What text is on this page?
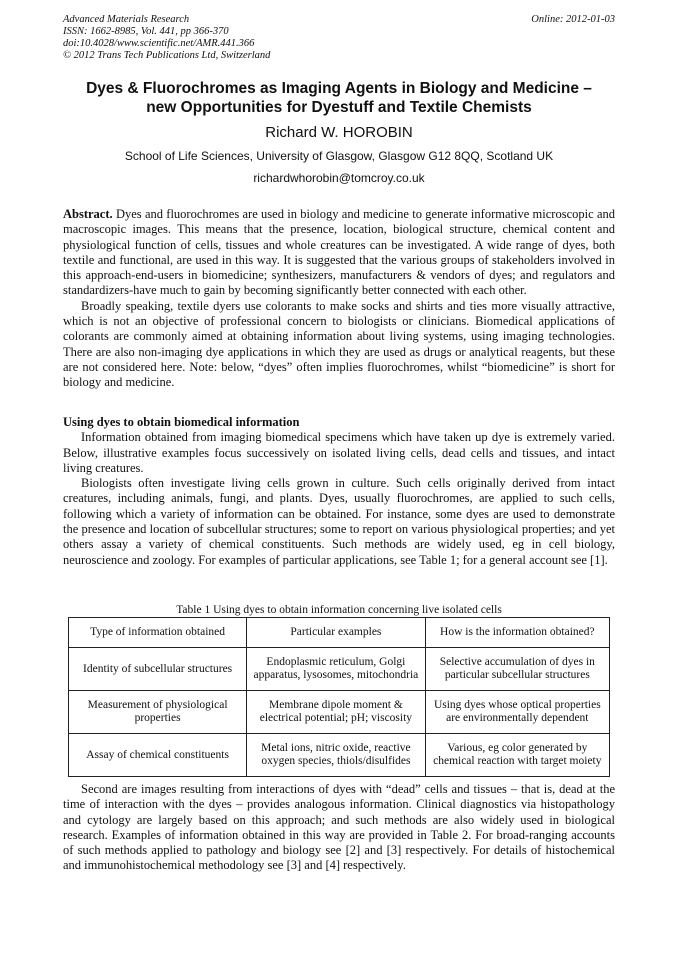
Advanced Materials Research
ISSN: 1662-8985, Vol. 441, pp 366-370
doi:10.4028/www.scientific.net/AMR.441.366
© 2012 Trans Tech Publications Ltd, Switzerland
Online: 2012-01-03
Dyes & Fluorochromes as Imaging Agents in Biology and Medicine –
new Opportunities for Dyestuff and Textile Chemists
Richard W. HOROBIN
School of Life Sciences, University of Glasgow, Glasgow G12 8QQ, Scotland UK
richardwhorobin@tomcroy.co.uk

Abstract. Dyes and fluorochromes are used in biology and medicine to generate informative microscopic and macroscopic images. This means that the presence, location, biological structure, chemical content and physiological function of cells, tissues and whole creatures can be investigated. A wide range of dyes, both textile and functional, are used in this way. It is suggested that the various groups of stakeholders involved in this approach-end-users in biomedicine; synthesizers, manufacturers & vendors of dyes; and regulators and standardizers-have much to gain by becoming significantly better connected with each other.

Broadly speaking, textile dyers use colorants to make socks and shirts and ties more visually attractive, which is not an objective of professional concern to biologists or clinicians. Biomedical applications of colorants are commonly aimed at obtaining information about living systems, using imaging technologies. There are also non-imaging dye applications in which they are used as drugs or analytical reagents, but these are not considered here. Note: below, “dyes” often implies fluorochromes, whilst “biomedicine” is short for biology and medicine.

Using dyes to obtain biomedical information

Information obtained from imaging biomedical specimens which have taken up dye is extremely varied. Below, illustrative examples focus successively on isolated living cells, dead cells and tissues, and intact living creatures.

Biologists often investigate living cells grown in culture. Such cells originally derived from intact creatures, including animals, fungi, and plants. Dyes, usually fluorochromes, are applied to such cells, following which a variety of information can be obtained. For instance, some dyes are used to demonstrate the presence and location of subcellular structures; some to report on various physiological properties; and yet others assay a variety of chemical constituents. Such methods are widely used, eg in cell biology, neuroscience and zoology. For examples of particular applications, see Table 1; for a general account see [1].

Table 1 Using dyes to obtain information concerning live isolated cells
Type of information obtained	Particular examples	How is the information obtained?
Identity of subcellular structures	Endoplasmic reticulum, Golgi apparatus, lysosomes, mitochondria	Selective accumulation of dyes in particular subcellular structures
Measurement of physiological properties	Membrane dipole moment & electrical potential; pH; viscosity	Using dyes whose optical properties are environmentally dependent
Assay of chemical constituents	Metal ions, nitric oxide, reactive oxygen species, thiols/disulfides	Various, eg color generated by chemical reaction with target moiety

Second are images resulting from interactions of dyes with “dead” cells and tissues – that is, dead at the time of interaction with the dyes – provides analogous information. Clinical diagnostics via histopathology and cytology are largely based on this approach; and such methods are also widely used in biological research. Examples of information obtained in this way are provided in Table 2. For broad-ranging accounts of such methods applied to pathology and biology see [2] and [3] respectively. For details of histochemical and immunohistochemical methodology see [3] and [4] respectively.
